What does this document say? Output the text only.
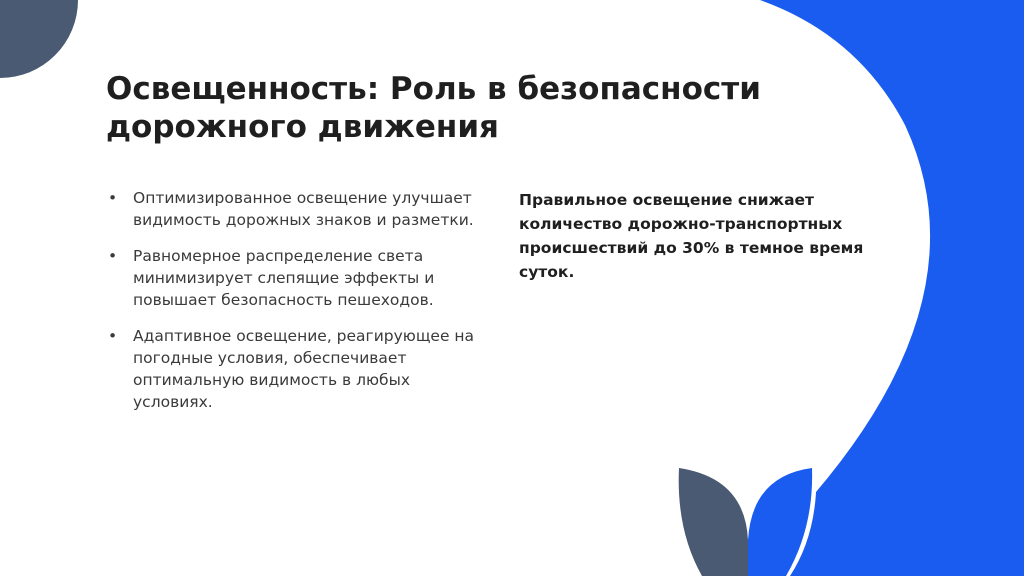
Освещенность: Роль в безопасности дорожного движения
• Оптимизированное освещение улучшает видимость дорожных знаков и разметки.
• Равномерное распределение света минимизирует слепящие эффекты и повышает безопасность пешеходов.
• Адаптивное освещение, реагирующее на погодные условия, обеспечивает оптимальную видимость в любых условиях.

Правильное освещение снижает количество дорожно-транспортных происшествий до 30% в темное время суток.
